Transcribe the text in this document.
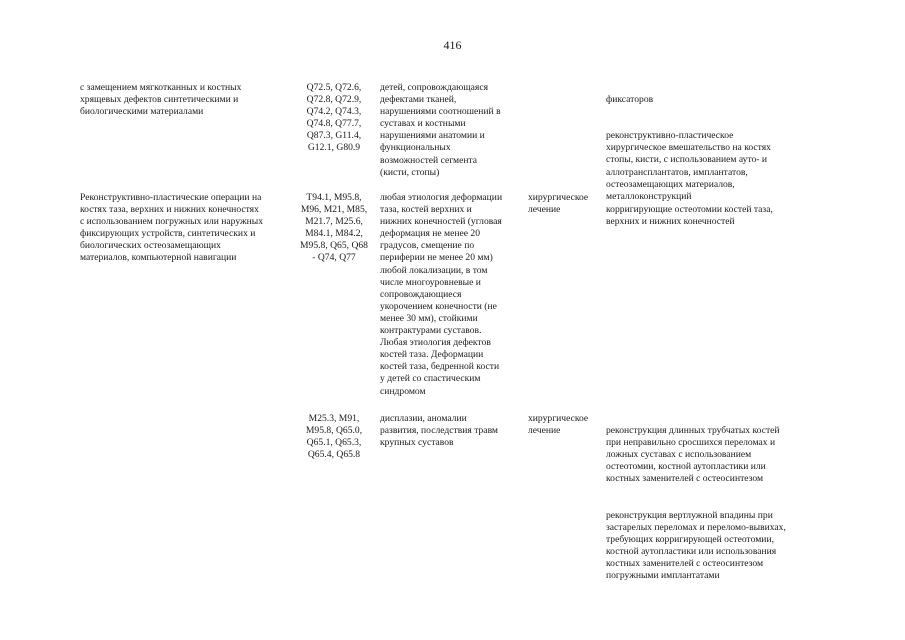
416
с замещением мягкотканных и костных
хрящевых дефектов синтетическими и
биологическими материалами
Q72.5, Q72.6,
Q72.8, Q72.9,
Q74.2, Q74.3,
Q74.8, Q77.7,
Q87.3, G11.4,
G12.1, G80.9
детей, сопровождающаяся
дефектами тканей,
нарушениями соотношений в
суставах и костными
нарушениями анатомии и
функциональных
возможностей сегмента
(кисти, стопы)

фиксаторов

реконструктивно-пластическое
хирургическое вмешательство на костях
стопы, кисти, с использованием ауто- и
аллотрансплантатов, имплантатов,
остеозамещающих материалов,
металлоконструкций

Реконструктивно-пластические операции на
костях таза, верхних и нижних конечностях
с использованием погружных или наружных
фиксирующих устройств, синтетических и
биологических остеозамещающих
материалов, компьютерной навигации
T94.1, M95.8,
M96, M21, M85,
M21.7, M25.6,
M84.1, M84.2,
M95.8, Q65, Q68
- Q74, Q77
любая этиология деформации
таза, костей верхних и
нижних конечностей (угловая
деформация не менее 20
градусов, смещение по
периферии не менее 20 мм)
любой локализации, в том
числе многоуровневые и
сопровождающиеся
укорочением конечности (не
менее 30 мм), стойкими
контрактурами суставов.
Любая этиология дефектов
костей таза. Деформации
костей таза, бедренной кости
у детей со спастическим
синдромом
хирургическое
лечение	корригирующие остеотомии костей таза,
верхних и нижних конечностей

M25.3, M91,
M95.8, Q65.0,
Q65.1, Q65.3,
Q65.4, Q65.8
дисплазии, аномалии
развития, последствия травм
крупных суставов
хирургическое
лечение	реконструкция длинных трубчатых костей
при неправильно сросшихся переломах и
ложных суставах с использованием
остеотомии, костной аутопластики или
костных заменителей с остеосинтезом

реконструкция вертлужной впадины при
застарелых переломах и переломо-вывихах,
требующих корригирующей остеотомии,
костной аутопластики или использования
костных заменителей с остеосинтезом
погружными имплантатами
